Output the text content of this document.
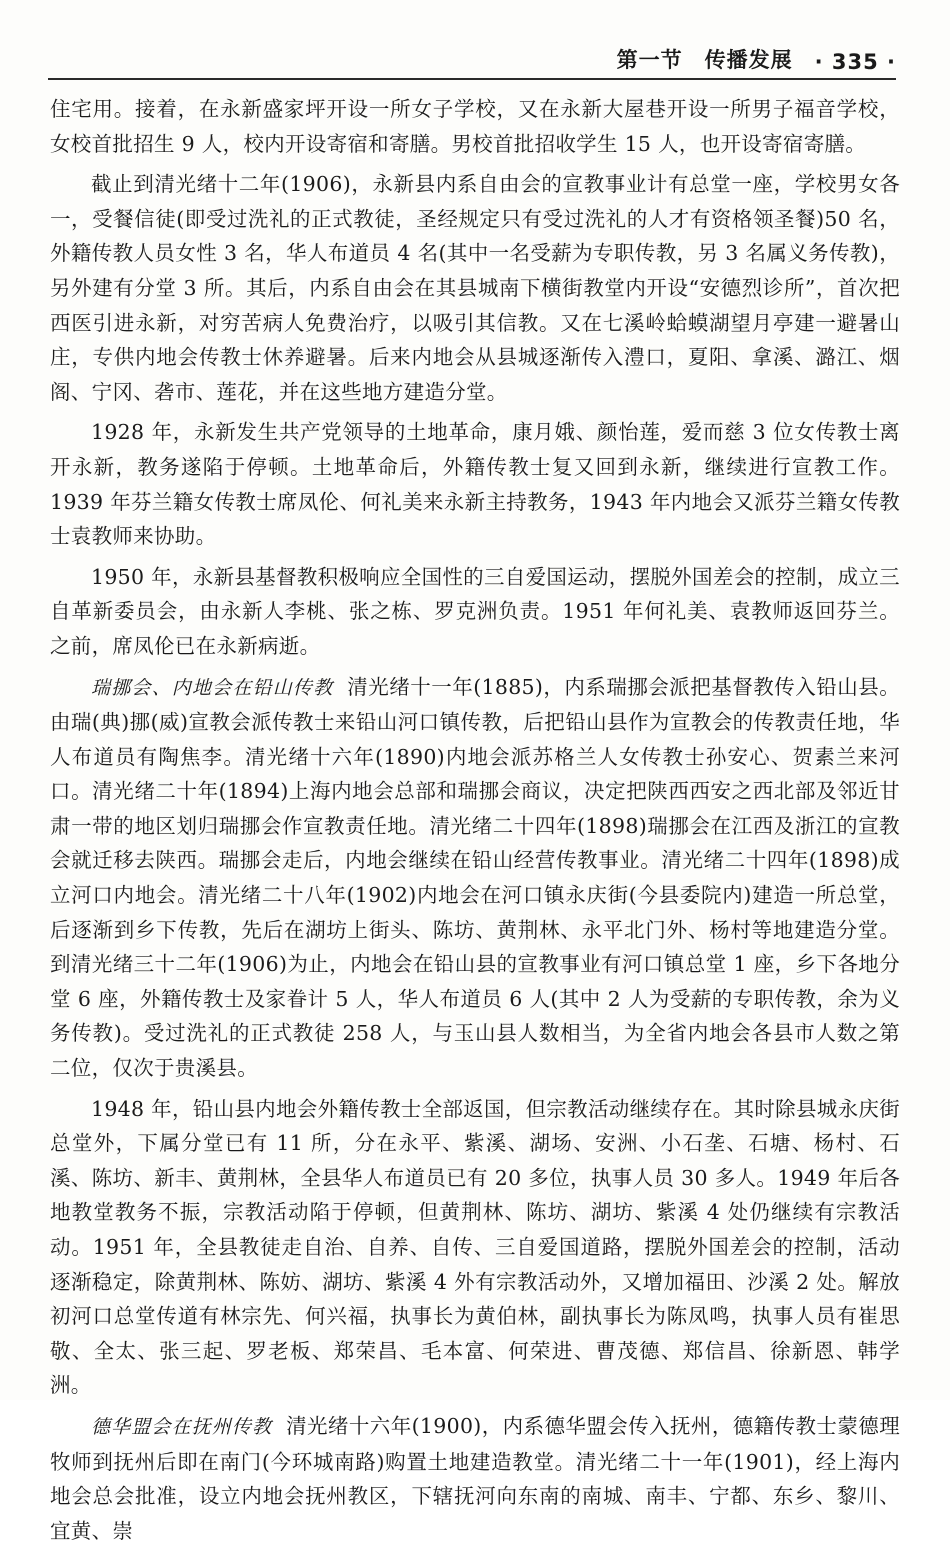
第一节 传播发展 · 335 ·

住宅用。接着，在永新盛家坪开设一所女子学校，又在永新大屋巷开设一所男子福音学校，女校首批招生 9 人，校内开设寄宿和寄膳。男校首批招收学生 15 人，也开设寄宿寄膳。

截止到清光绪十二年(1906)，永新县内系自由会的宣教事业计有总堂一座，学校男女各一，受餐信徒(即受过洗礼的正式教徒，圣经规定只有受过洗礼的人才有资格领圣餐)50 名，外籍传教人员女性 3 名，华人布道员 4 名(其中一名受薪为专职传教，另 3 名属义务传教)，另外建有分堂 3 所。其后，内系自由会在其县城南下横街教堂内开设“安德烈诊所”，首次把西医引进永新，对穷苦病人免费治疗，以吸引其信教。又在七溪岭蛤蟆湖望月亭建一避暑山庄，专供内地会传教士休养避暑。后来内地会从县城逐渐传入澧口，夏阳、拿溪、潞江、烟阁、宁冈、砻市、莲花，并在这些地方建造分堂。

1928 年，永新发生共产党领导的土地革命，康月娥、颜怡莲，爱而慈 3 位女传教士离开永新，教务遂陷于停顿。土地革命后，外籍传教士复又回到永新，继续进行宣教工作。1939 年芬兰籍女传教士席凤伦、何礼美来永新主持教务，1943 年内地会又派芬兰籍女传教士袁教师来协助。

1950 年，永新县基督教积极响应全国性的三自爱国运动，摆脱外国差会的控制，成立三自革新委员会，由永新人李桃、张之栋、罗克洲负责。1951 年何礼美、袁教师返回芬兰。之前，席凤伦已在永新病逝。

瑞挪会、内地会在铅山传教 清光绪十一年(1885)，内系瑞挪会派把基督教传入铅山县。由瑞(典)挪(威)宣教会派传教士来铅山河口镇传教，后把铅山县作为宣教会的传教责任地，华人布道员有陶焦李。清光绪十六年(1890)内地会派苏格兰人女传教士孙安心、贺素兰来河口。清光绪二十年(1894)上海内地会总部和瑞挪会商议，决定把陕西西安之西北部及邻近甘肃一带的地区划归瑞挪会作宣教责任地。清光绪二十四年(1898)瑞挪会在江西及浙江的宣教会就迁移去陕西。瑞挪会走后，内地会继续在铅山经营传教事业。清光绪二十四年(1898)成立河口内地会。清光绪二十八年(1902)内地会在河口镇永庆街(今县委院内)建造一所总堂，后逐渐到乡下传教，先后在湖坊上街头、陈坊、黄荆林、永平北门外、杨村等地建造分堂。到清光绪三十二年(1906)为止，内地会在铅山县的宣教事业有河口镇总堂 1 座，乡下各地分堂 6 座，外籍传教士及家眷计 5 人，华人布道员 6 人(其中 2 人为受薪的专职传教，余为义务传教)。受过洗礼的正式教徒 258 人，与玉山县人数相当，为全省内地会各县市人数之第二位，仅次于贵溪县。

1948 年，铅山县内地会外籍传教士全部返国，但宗教活动继续存在。其时除县城永庆街总堂外，下属分堂已有 11 所，分在永平、紫溪、湖场、安洲、小石垄、石塘、杨村、石溪、陈坊、新丰、黄荆林，全县华人布道员已有 20 多位，执事人员 30 多人。1949 年后各地教堂教务不振，宗教活动陷于停顿，但黄荆林、陈坊、湖坊、紫溪 4 处仍继续有宗教活动。1951 年，全县教徒走自治、自养、自传、三自爱国道路，摆脱外国差会的控制，活动逐渐稳定，除黄荆林、陈妨、湖坊、紫溪 4 外有宗教活动外，又增加福田、沙溪 2 处。解放初河口总堂传道有林宗先、何兴福，执事长为黄伯林，副执事长为陈凤鸣，执事人员有崔思敬、全太、张三起、罗老板、郑荣昌、毛本富、何荣进、曹茂德、郑信昌、徐新恩、韩学洲。

德华盟会在抚州传教 清光绪十六年(1900)，内系德华盟会传入抚州，德籍传教士蒙德理牧师到抚州后即在南门(今环城南路)购置土地建造教堂。清光绪二十一年(1901)，经上海内地会总会批准，设立内地会抚州教区，下辖抚河向东南的南城、南丰、宁都、东乡、黎川、宜黄、崇
